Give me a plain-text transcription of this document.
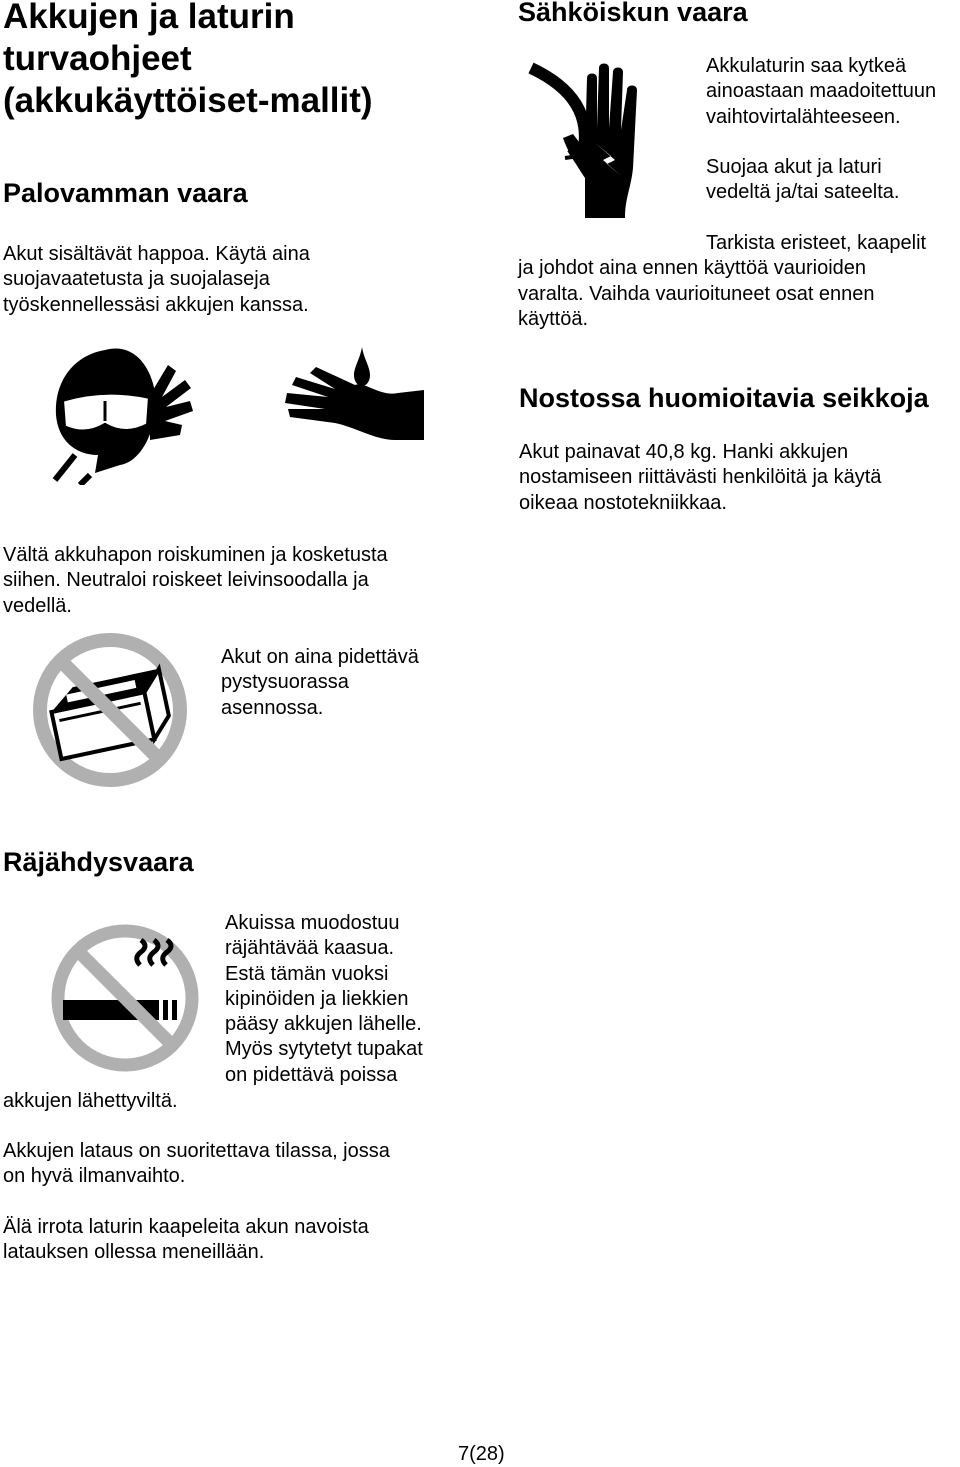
Akkujen ja laturin
turvaohjeet
(akkukäyttöiset-mallit)
Palovamman vaara
Akut sisältävät happoa. Käytä aina
suojavaatetusta ja suojalaseja
työskennellessäsi akkujen kanssa.
Vältä akkuhapon roiskuminen ja kosketusta
siihen. Neutraloi roiskeet leivinsoodalla ja
vedellä.
Akut on aina pidettävä
pystysuorassa
asennossa.
Sähköiskun vaara
Akkulaturin saa kytkeä
ainoastaan maadoitettuun
vaihtovirtalähteeseen.
Suojaa akut ja laturi
vedeltä ja/tai sateelta.
Tarkista eristeet, kaapelit
ja johdot aina ennen käyttöä vaurioiden
varalta. Vaihda vaurioituneet osat ennen
käyttöä.
Nostossa huomioitavia seikkoja
Akut painavat 40,8 kg. Hanki akkujen
nostamiseen riittävästi henkilöitä ja käytä
oikeaa nostotekniikkaa.
Räjähdysvaara
Akuissa muodostuu
räjähtävää kaasua.
Estä tämän vuoksi
kipinöiden ja liekkien
pääsy akkujen lähelle.
Myös sytytetyt tupakat
on pidettävä poissa
akkujen lähettyviltä.
Akkujen lataus on suoritettava tilassa, jossa
on hyvä ilmanvaihto.
Älä irrota laturin kaapeleita akun navoista
latauksen ollessa meneillään.
7(28)
